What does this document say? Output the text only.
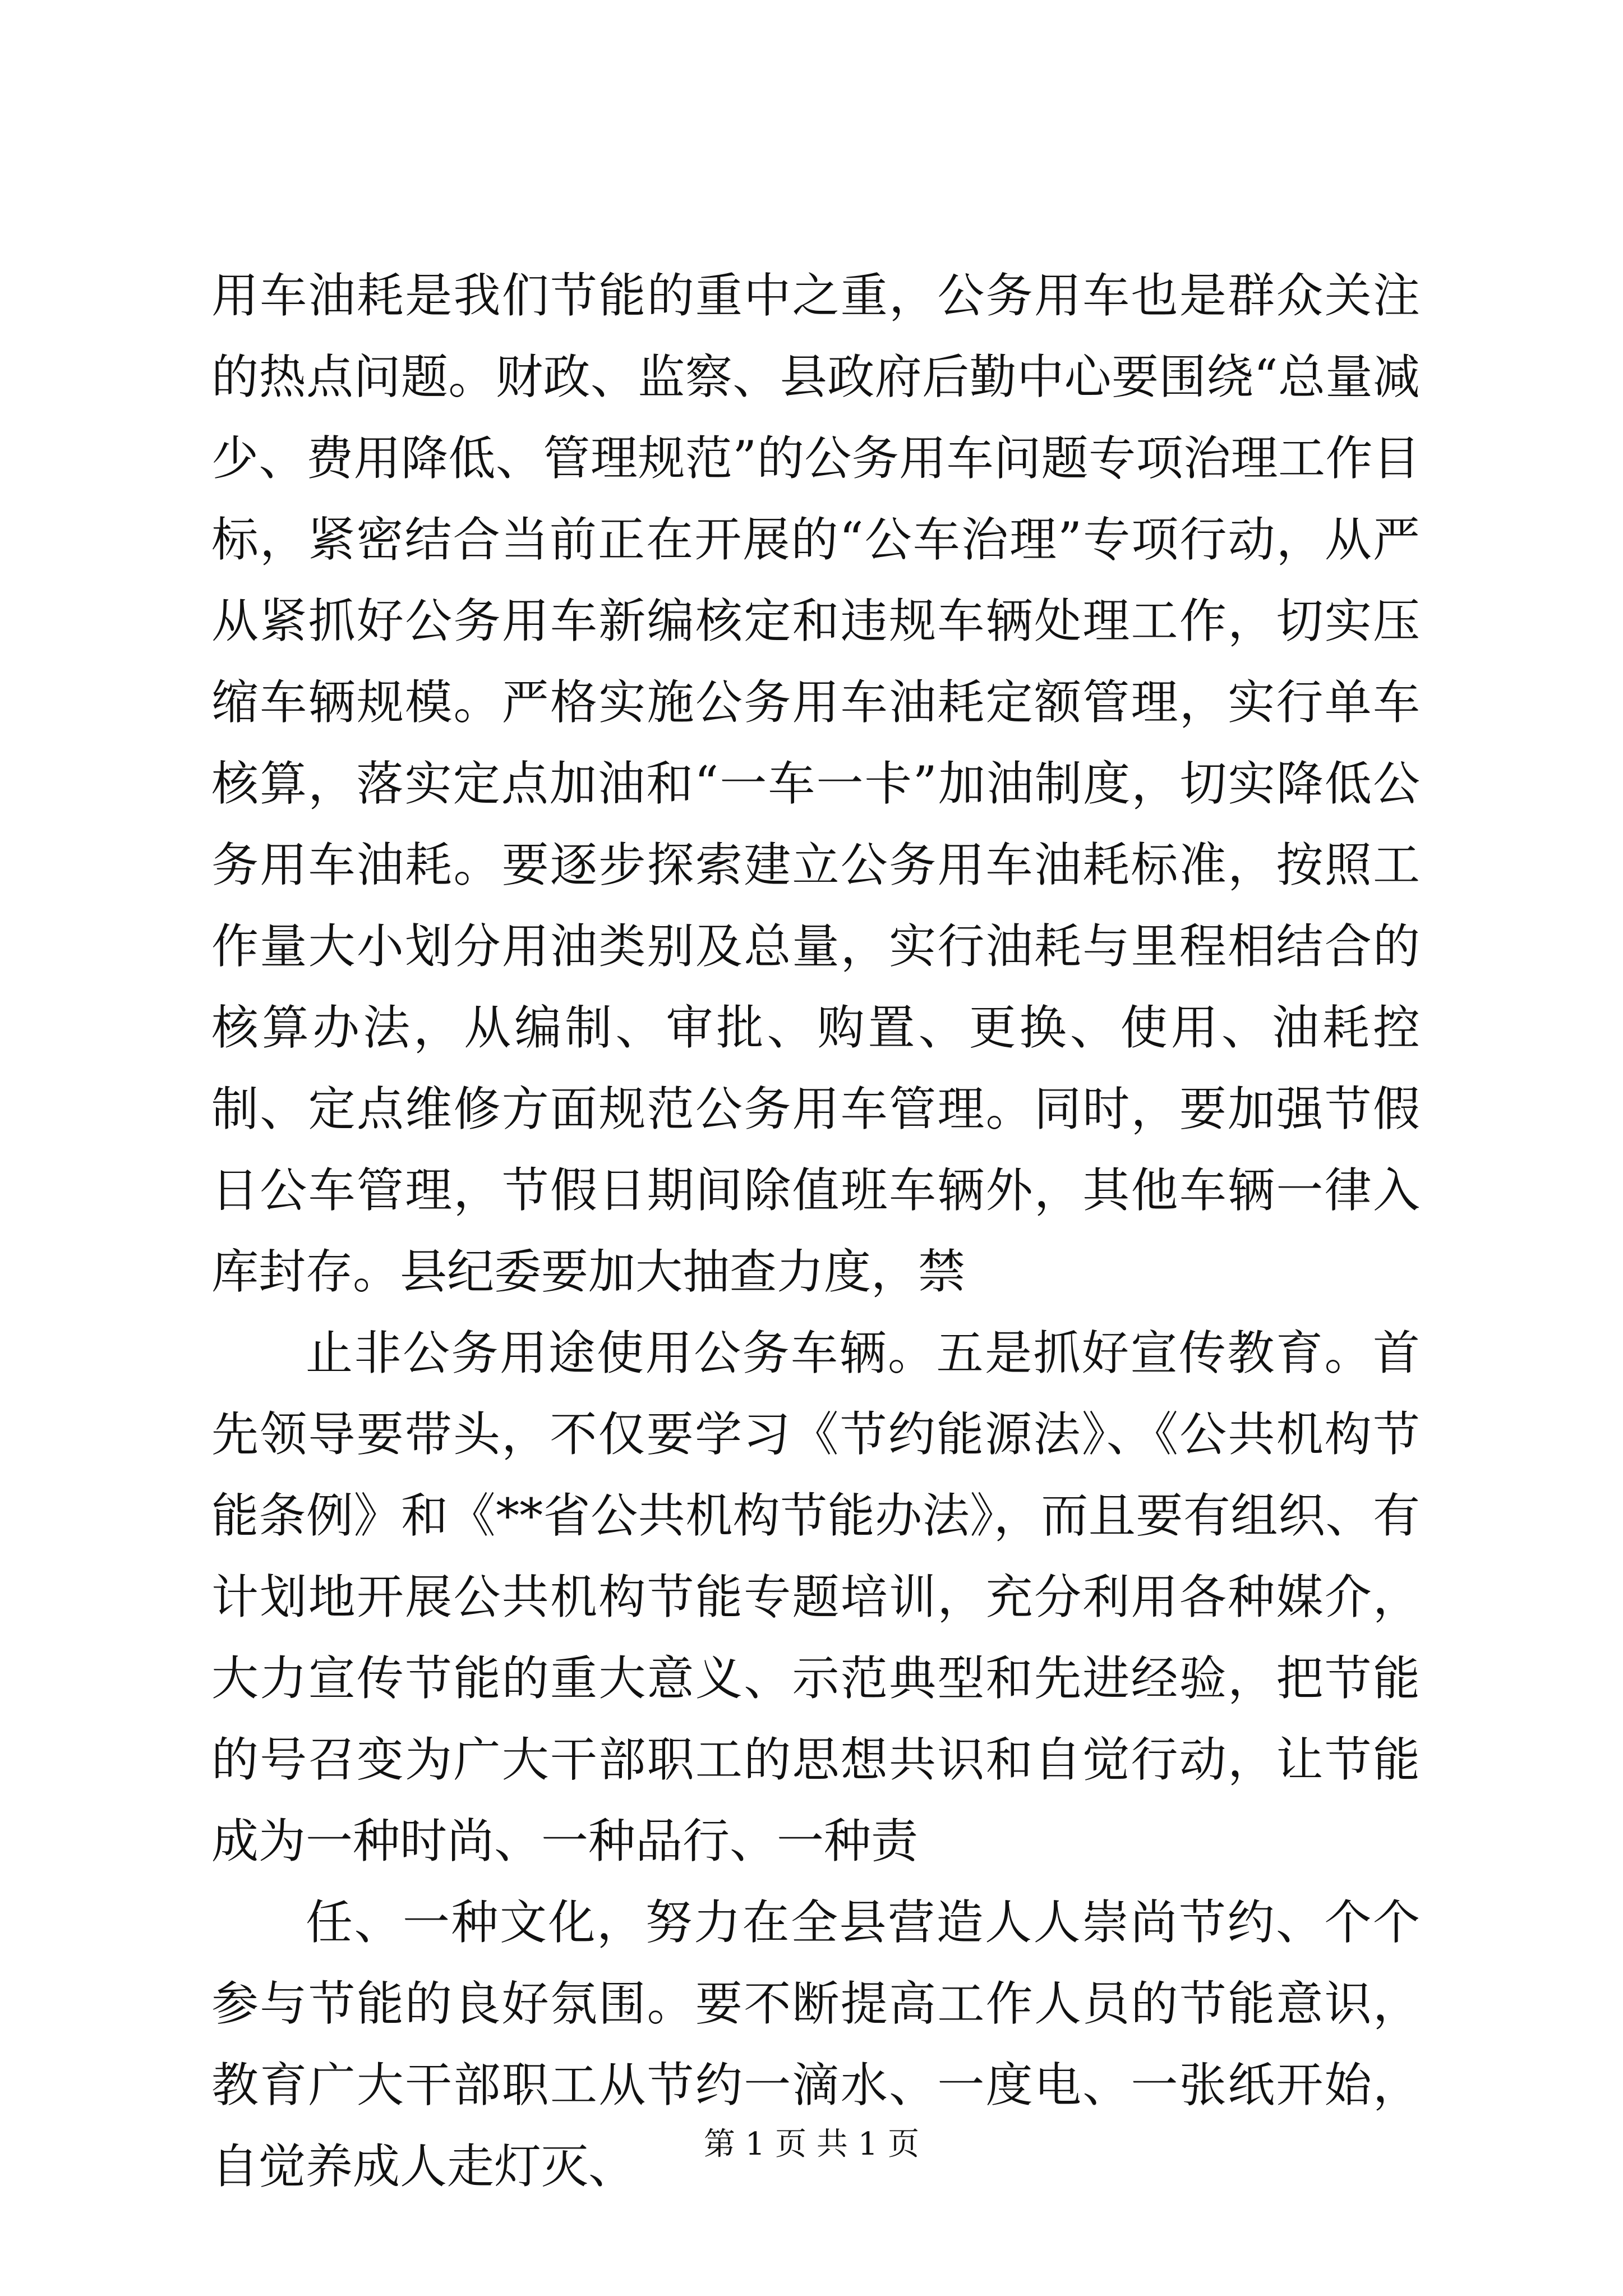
用车油耗是我们节能的重中之重，公务用车也是群众关注的热点问题。财政、监察、县政府后勤中心要围绕“总量减少、费用降低、管理规范”的公务用车问题专项治理工作目标，紧密结合当前正在开展的“公车治理”专项行动，从严从紧抓好公务用车新编核定和违规车辆处理工作，切实压缩车辆规模。严格实施公务用车油耗定额管理，实行单车核算，落实定点加油和“一车一卡”加油制度，切实降低公务用车油耗。要逐步探索建立公务用车油耗标准，按照工作量大小划分用油类别及总量，实行油耗与里程相结合的核算办法，从编制、审批、购置、更换、使用、油耗控制、定点维修方面规范公务用车管理。同时，要加强节假日公车管理，节假日期间除值班车辆外，其他车辆一律入库封存。县纪委要加大抽查力度，禁

止非公务用途使用公务车辆。五是抓好宣传教育。首先领导要带头，不仅要学习《节约能源法》、《公共机构节能条例》和《**省公共机构节能办法》，而且要有组织、有计划地开展公共机构节能专题培训，充分利用各种媒介，大力宣传节能的重大意义、示范典型和先进经验，把节能的号召变为广大干部职工的思想共识和自觉行动，让节能成为一种时尚、一种品行、一种责

任、一种文化，努力在全县营造人人崇尚节约、个个参与节能的良好氛围。要不断提高工作人员的节能意识，教育广大干部职工从节约一滴水、一度电、一张纸开始，自觉养成人走灯灭、	第 1 页 共 1 页
